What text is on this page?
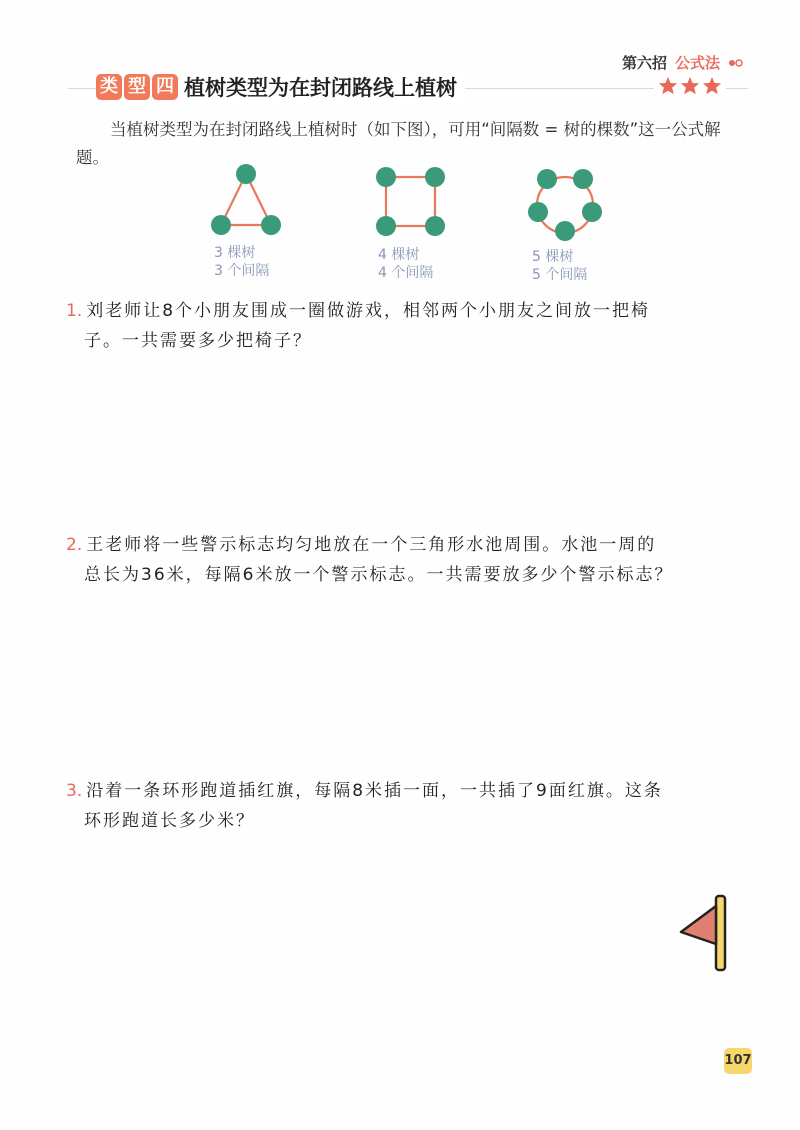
第六招 公式法
类 型 四 植树类型为在封闭路线上植树
当植树类型为在封闭路线上植树时（如下图），可用“间隔数 = 树的棵数”这一公式解题。
3 棵树
3 个间隔
4 棵树
4 个间隔
5 棵树
5 个间隔
1. 刘老师让8个小朋友围成一圈做游戏，相邻两个小朋友之间放一把椅
子。一共需要多少把椅子？
2. 王老师将一些警示标志均匀地放在一个三角形水池周围。水池一周的
总长为36米，每隔6米放一个警示标志。一共需要放多少个警示标志？
3. 沿着一条环形跑道插红旗，每隔8米插一面，一共插了9面红旗。这条
环形跑道长多少米？
107
